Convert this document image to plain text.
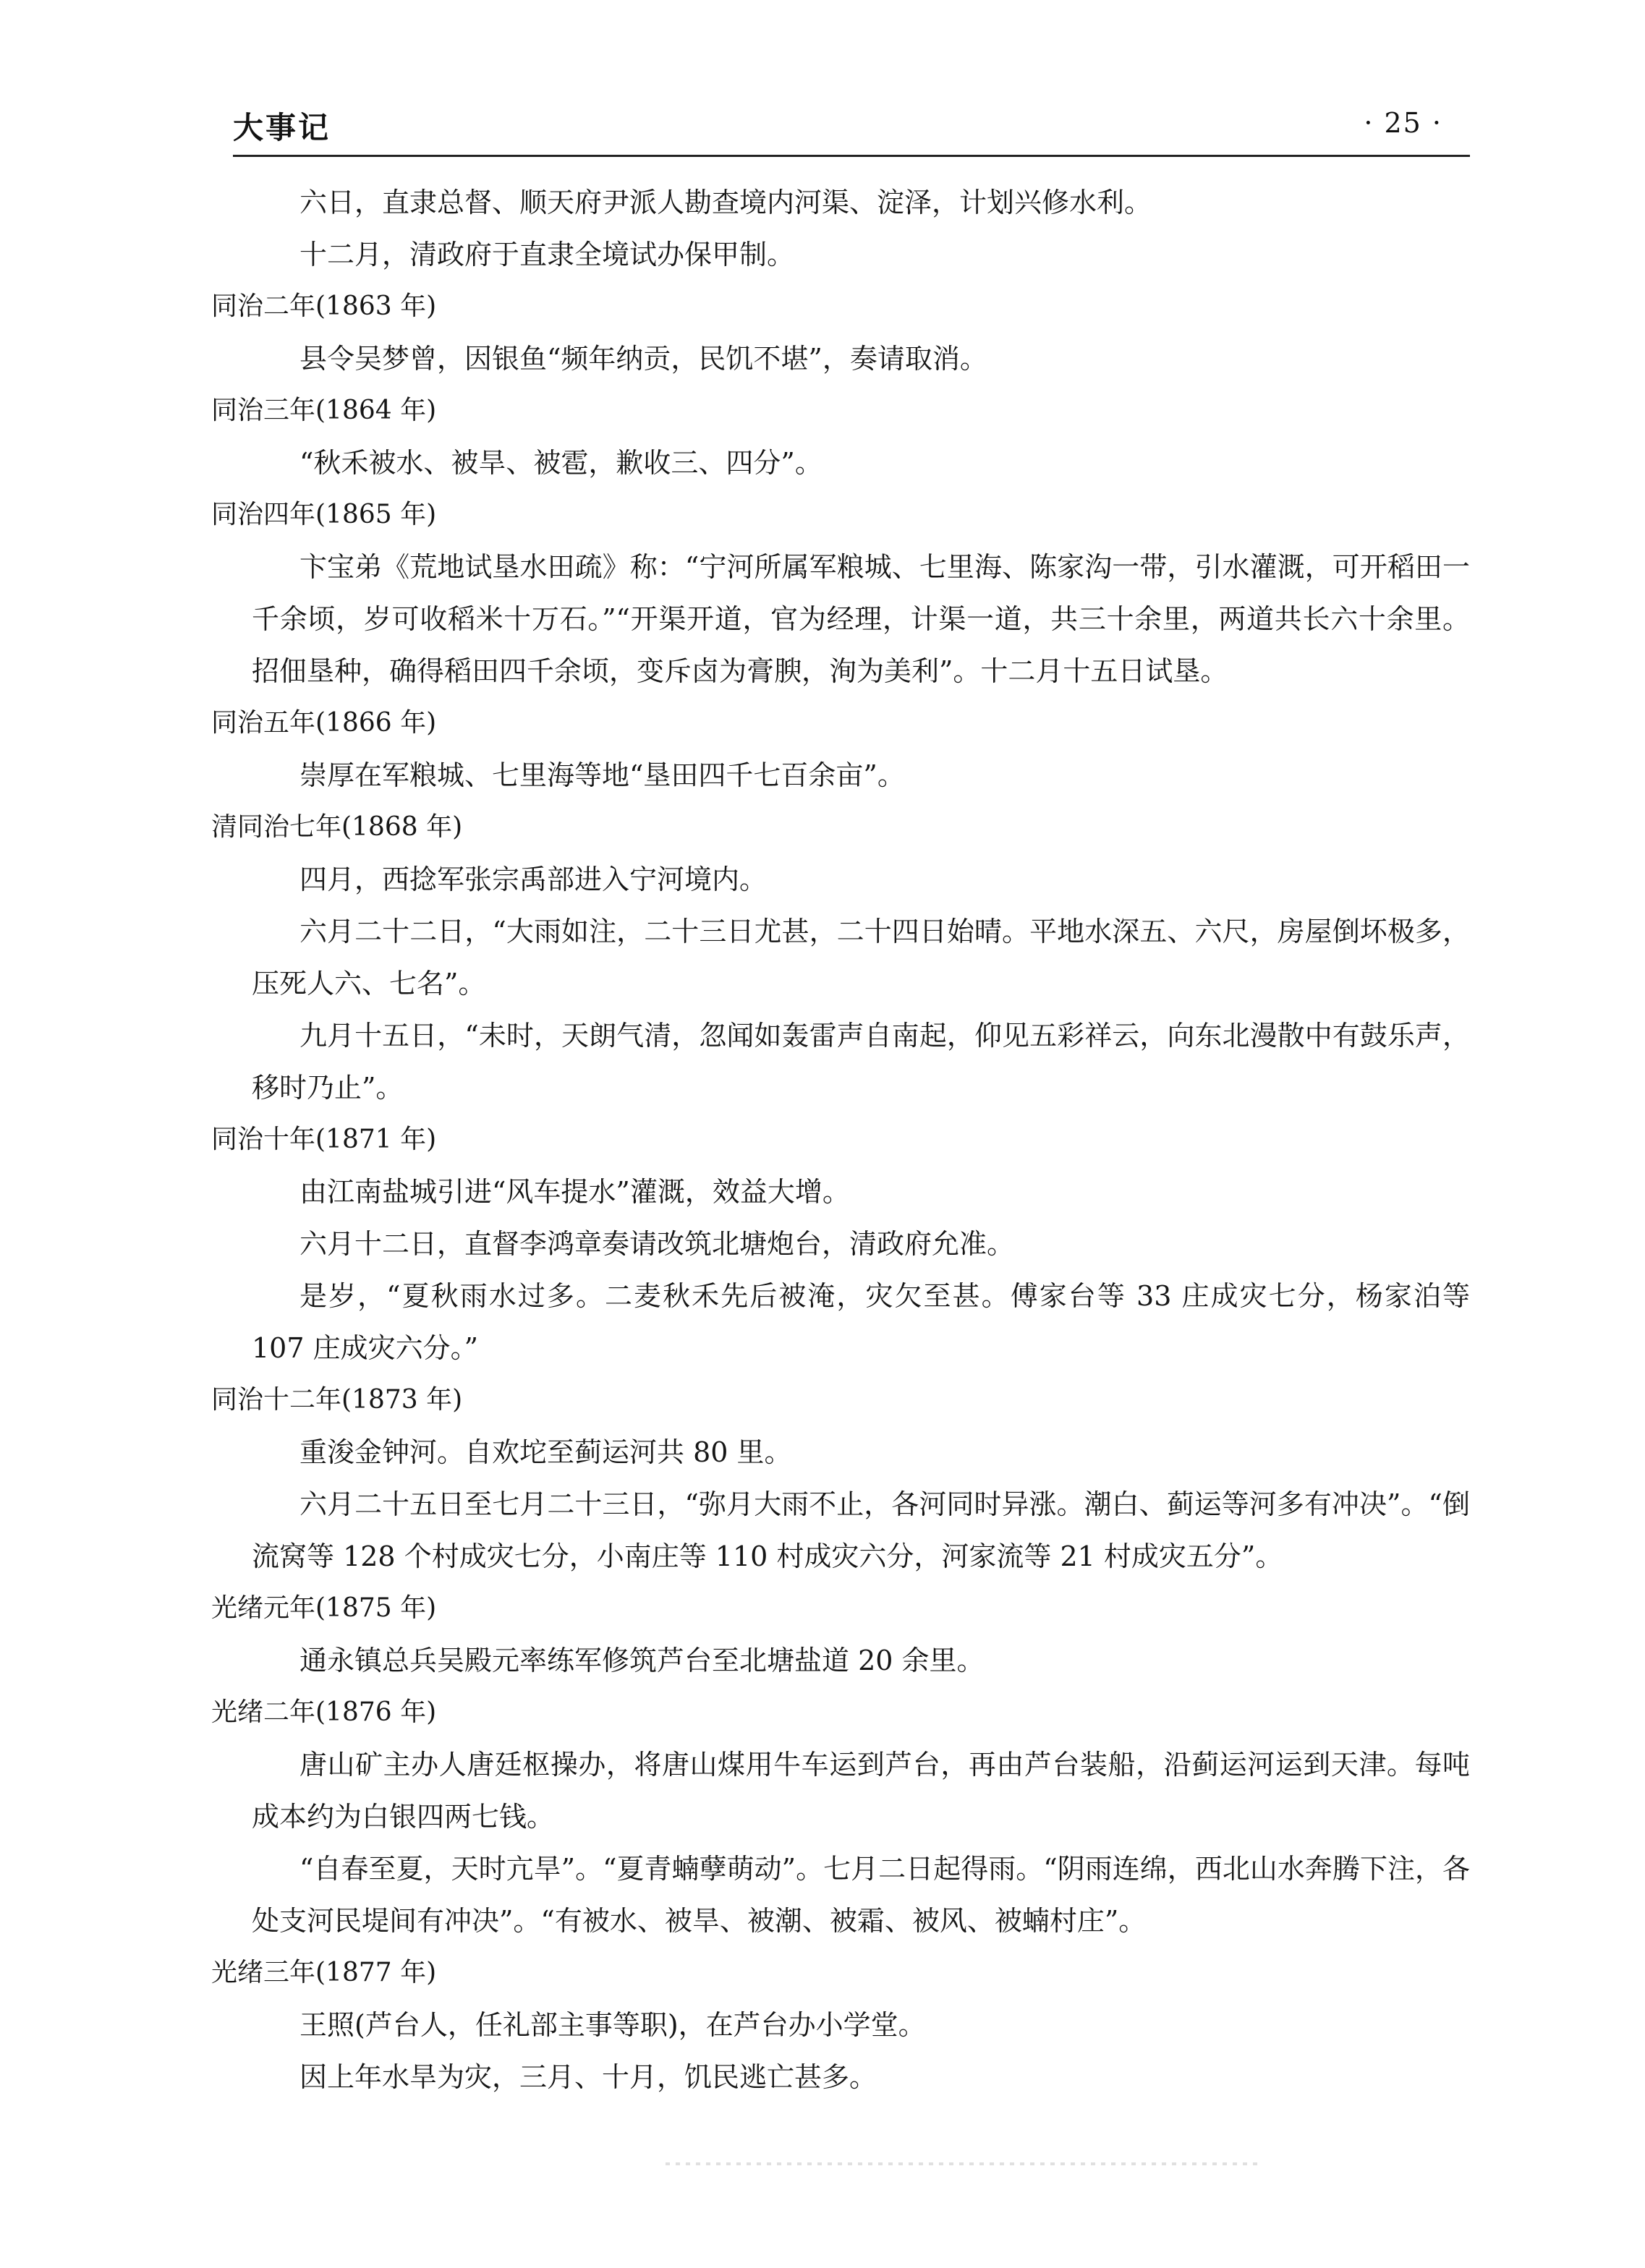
大事记	· 25 ·

六日，直隶总督、顺天府尹派人勘查境内河渠、淀泽，计划兴修水利。

十二月，清政府于直隶全境试办保甲制。

同治二年(1863 年)

县令吴梦曾，因银鱼“频年纳贡，民饥不堪”，奏请取消。

同治三年(1864 年)

“秋禾被水、被旱、被雹，歉收三、四分”。

同治四年(1865 年)

卞宝弟《荒地试垦水田疏》称：“宁河所属军粮城、七里海、陈家沟一带，引水灌溉，可开稻田一千余顷，岁可收稻米十万石。”“开渠开道，官为经理，计渠一道，共三十余里，两道共长六十余里。招佃垦种，确得稻田四千余顷，变斥卤为膏腴，洵为美利”。十二月十五日试垦。

同治五年(1866 年)

崇厚在军粮城、七里海等地“垦田四千七百余亩”。

清同治七年(1868 年)

四月，西捻军张宗禹部进入宁河境内。

六月二十二日，“大雨如注，二十三日尤甚，二十四日始晴。平地水深五、六尺，房屋倒坏极多，压死人六、七名”。

九月十五日，“未时，天朗气清，忽闻如轰雷声自南起，仰见五彩祥云，向东北漫散中有鼓乐声，移时乃止”。

同治十年(1871 年)

由江南盐城引进“风车提水”灌溉，效益大增。

六月十二日，直督李鸿章奏请改筑北塘炮台，清政府允准。

是岁，“夏秋雨水过多。二麦秋禾先后被淹，灾欠至甚。傅家台等 33 庄成灾七分，杨家泊等 107 庄成灾六分。”

同治十二年(1873 年)

重浚金钟河。自欢坨至蓟运河共 80 里。

六月二十五日至七月二十三日，“弥月大雨不止，各河同时异涨。潮白、蓟运等河多有冲决”。“倒流窝等 128 个村成灾七分，小南庄等 110 村成灾六分，河家流等 21 村成灾五分”。

光绪元年(1875 年)

通永镇总兵吴殿元率练军修筑芦台至北塘盐道 20 余里。

光绪二年(1876 年)

唐山矿主办人唐廷枢操办，将唐山煤用牛车运到芦台，再由芦台装船，沿蓟运河运到天津。每吨成本约为白银四两七钱。

“自春至夏，天时亢旱”。“夏青蝻孽萌动”。七月二日起得雨。“阴雨连绵，西北山水奔腾下注，各处支河民堤间有冲决”。“有被水、被旱、被潮、被霜、被风、被蝻村庄”。

光绪三年(1877 年)

王照(芦台人，任礼部主事等职)，在芦台办小学堂。

因上年水旱为灾，三月、十月，饥民逃亡甚多。
